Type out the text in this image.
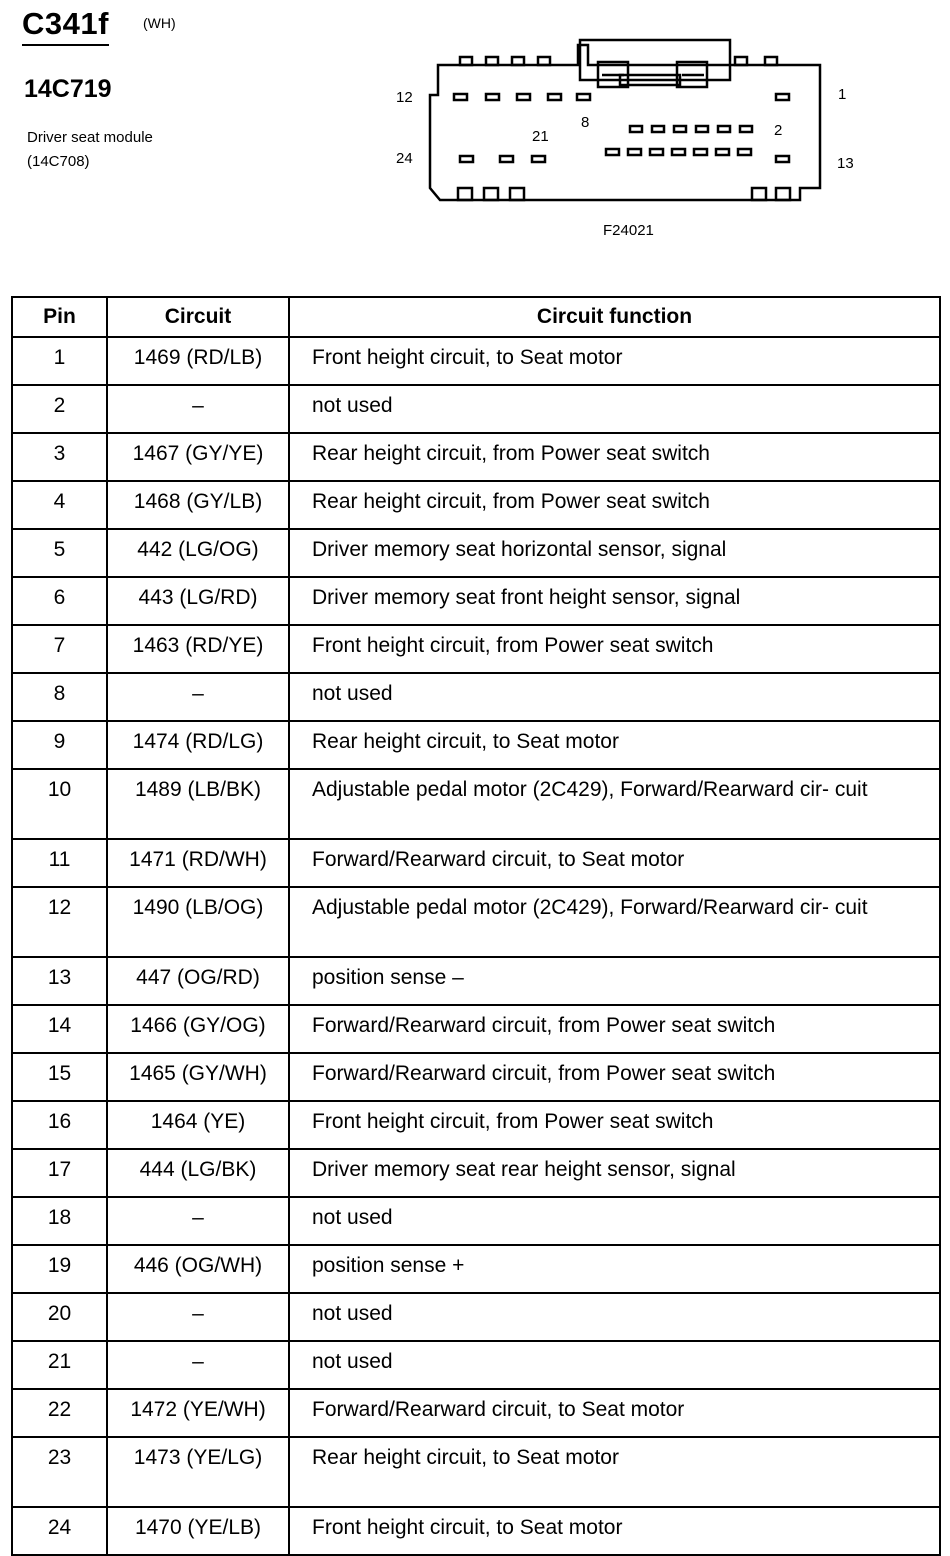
C341f (WH)
14C719
Driver seat module
(14C708)
12	1
8
21	2
24	13
F24021
Pin	Circuit	Circuit function
1	1469 (RD/LB)	Front height circuit, to Seat motor
2	–	not used
3	1467 (GY/YE)	Rear height circuit, from Power seat switch
4	1468 (GY/LB)	Rear height circuit, from Power seat switch
5	442 (LG/OG)	Driver memory seat horizontal sensor, signal
6	443 (LG/RD)	Driver memory seat front height sensor, signal
7	1463 (RD/YE)	Front height circuit, from Power seat switch
8	–	not used
9	1474 (RD/LG)	Rear height circuit, to Seat motor
10	1489 (LB/BK)	Adjustable pedal motor (2C429), Forward/Rearward cir- cuit
11	1471 (RD/WH)	Forward/Rearward circuit, to Seat motor
12	1490 (LB/OG)	Adjustable pedal motor (2C429), Forward/Rearward cir- cuit
13	447 (OG/RD)	position sense –
14	1466 (GY/OG)	Forward/Rearward circuit, from Power seat switch
15	1465 (GY/WH)	Forward/Rearward circuit, from Power seat switch
16	1464 (YE)	Front height circuit, from Power seat switch
17	444 (LG/BK)	Driver memory seat rear height sensor, signal
18	–	not used
19	446 (OG/WH)	position sense +
20	–	not used
21	–	not used
22	1472 (YE/WH)	Forward/Rearward circuit, to Seat motor
23	1473 (YE/LG)	Rear height circuit, to Seat motor
24	1470 (YE/LB)	Front height circuit, to Seat motor
